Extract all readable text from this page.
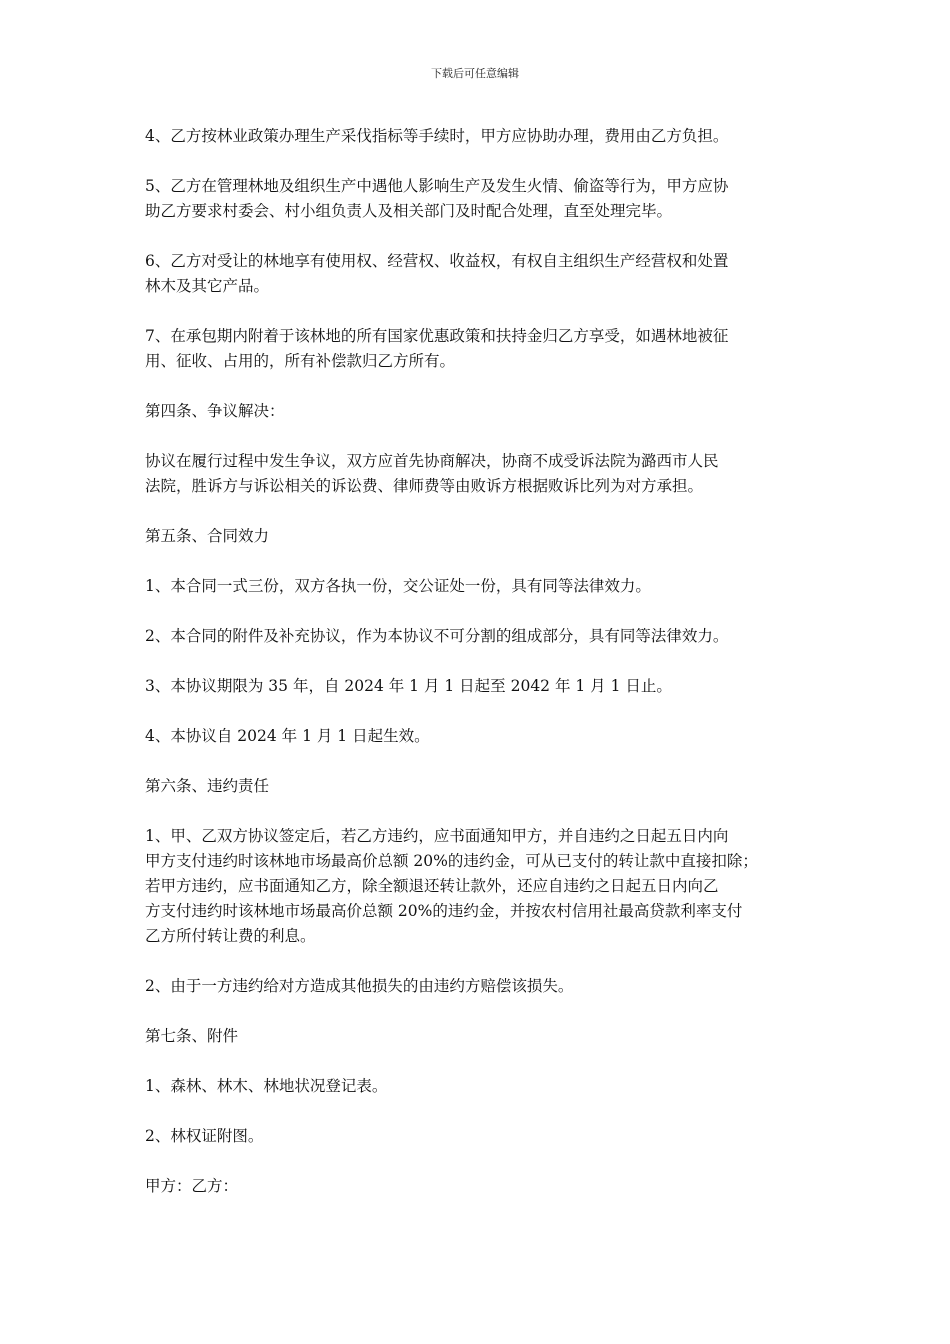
下载后可任意编辑

4、乙方按林业政策办理生产采伐指标等手续时，甲方应协助办理，费用由乙方负担。

5、乙方在管理林地及组织生产中遇他人影响生产及发生火情、偷盗等行为，甲方应协
助乙方要求村委会、村小组负责人及相关部门及时配合处理，直至处理完毕。

6、乙方对受让的林地享有使用权、经营权、收益权，有权自主组织生产经营权和处置
林木及其它产品。

7、在承包期内附着于该林地的所有国家优惠政策和扶持金归乙方享受，如遇林地被征
用、征收、占用的，所有补偿款归乙方所有。

第四条、争议解决：

协议在履行过程中发生争议，双方应首先协商解决，协商不成受诉法院为潞西市人民
法院，胜诉方与诉讼相关的诉讼费、律师费等由败诉方根据败诉比列为对方承担。

第五条、合同效力

1、本合同一式三份，双方各执一份，交公证处一份，具有同等法律效力。

2、本合同的附件及补充协议，作为本协议不可分割的组成部分，具有同等法律效力。

3、本协议期限为 35 年，自 2024 年 1 月 1 日起至 2042 年 1 月 1 日止。

4、本协议自 2024 年 1 月 1 日起生效。

第六条、违约责任

1、甲、乙双方协议签定后，若乙方违约，应书面通知甲方，并自违约之日起五日内向
甲方支付违约时该林地市场最高价总额 20%的违约金，可从已支付的转让款中直接扣除；
若甲方违约，应书面通知乙方，除全额退还转让款外，还应自违约之日起五日内向乙
方支付违约时该林地市场最高价总额 20%的违约金，并按农村信用社最高贷款利率支付
乙方所付转让费的利息。

2、由于一方违约给对方造成其他损失的由违约方赔偿该损失。

第七条、附件

1、森林、林木、林地状况登记表。

2、林权证附图。

甲方：乙方：
